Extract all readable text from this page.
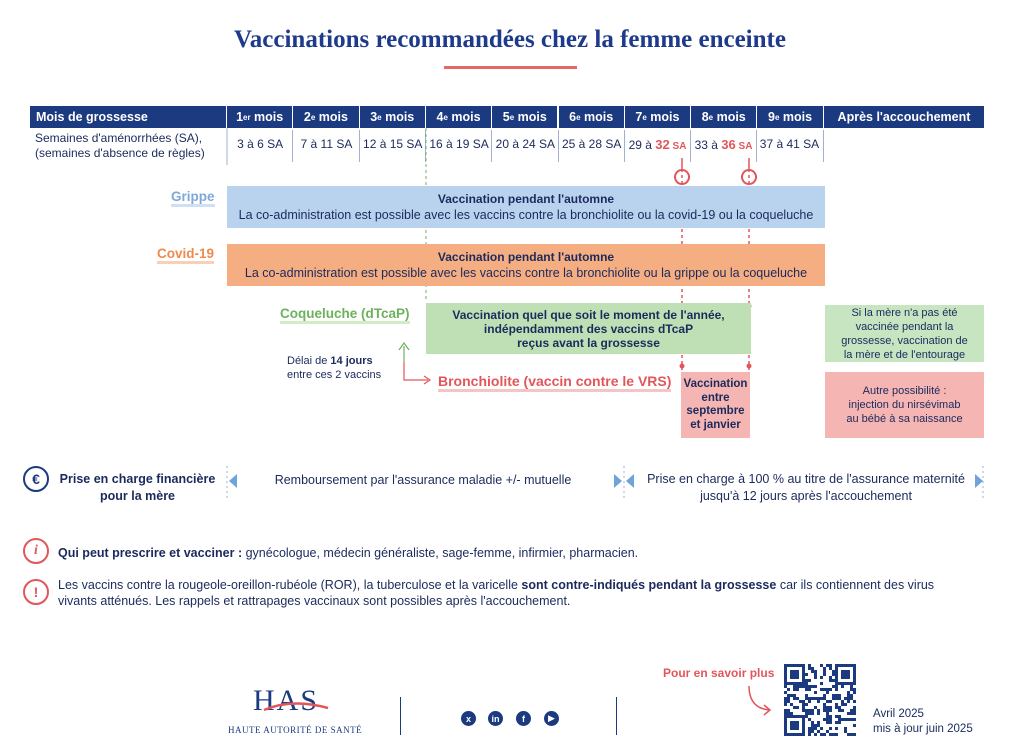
Vaccinations recommandées chez la femme enceinte
Mois de grossesse	1 er mois 2 e mois 3 e mois 4 e mois 5 e mois 6 e mois 7 e mois 8 e mois 9 e mois	Après l'accouchement
Semaines d'aménorrhées (SA),
(semaines d'absence de règles)
3 à 6 SA	7 à 11 SA 12 à 15 SA 16 à 19 SA 20 à 24 SA 25 à 28 SA 29 à 32 SA 33 à 36 SA 37 à 41 SA
Grippe	Vaccination pendant l'automne
La co-administration est possible avec les vaccins contre la bronchiolite ou la covid-19 ou la coqueluche
Covid-19	Vaccination pendant l'automne
La co-administration est possible avec les vaccins contre la bronchiolite ou la grippe ou la coqueluche
Coqueluche (dTcaP)	Vaccination quel que soit le moment de l'année,
indépendamment des vaccins dTcaP
reçus avant la grossesse
Si la mère n'a pas été
vaccinée pendant la
grossesse, vaccination de
la mère et de l'entourage
Délai de 14 jours
entre ces 2 vaccins	Bronchiolite (vaccin contre le VRS) Vaccination
entre
septembre
et janvier
Autre possibilité :
injection du nirsévimab
au bébé à sa naissance
€	Prise en charge financière
pour la mère
Remboursement par l'assurance maladie +/- mutuelle	Prise en charge à 100 % au titre de l'assurance maternité
jusqu'à 12 jours après l'accouchement
i	Qui peut prescrire et vacciner : gynécologue, médecin généraliste, sage-femme, infirmier, pharmacien.
!	Les vaccins contre la rougeole-oreillon-rubéole (ROR), la tuberculose et la varicelle sont contre-indiqués pendant la grossesse car ils contiennent des virus
vivants atténués. Les rappels et rattrapages vaccinaux sont possibles après l'accouchement.
HAS
HAUTE AUTORITÉ DE SANTÉ
x	in	f	▶
Pour en savoir plus
Avril 2025
mis à jour juin 2025
